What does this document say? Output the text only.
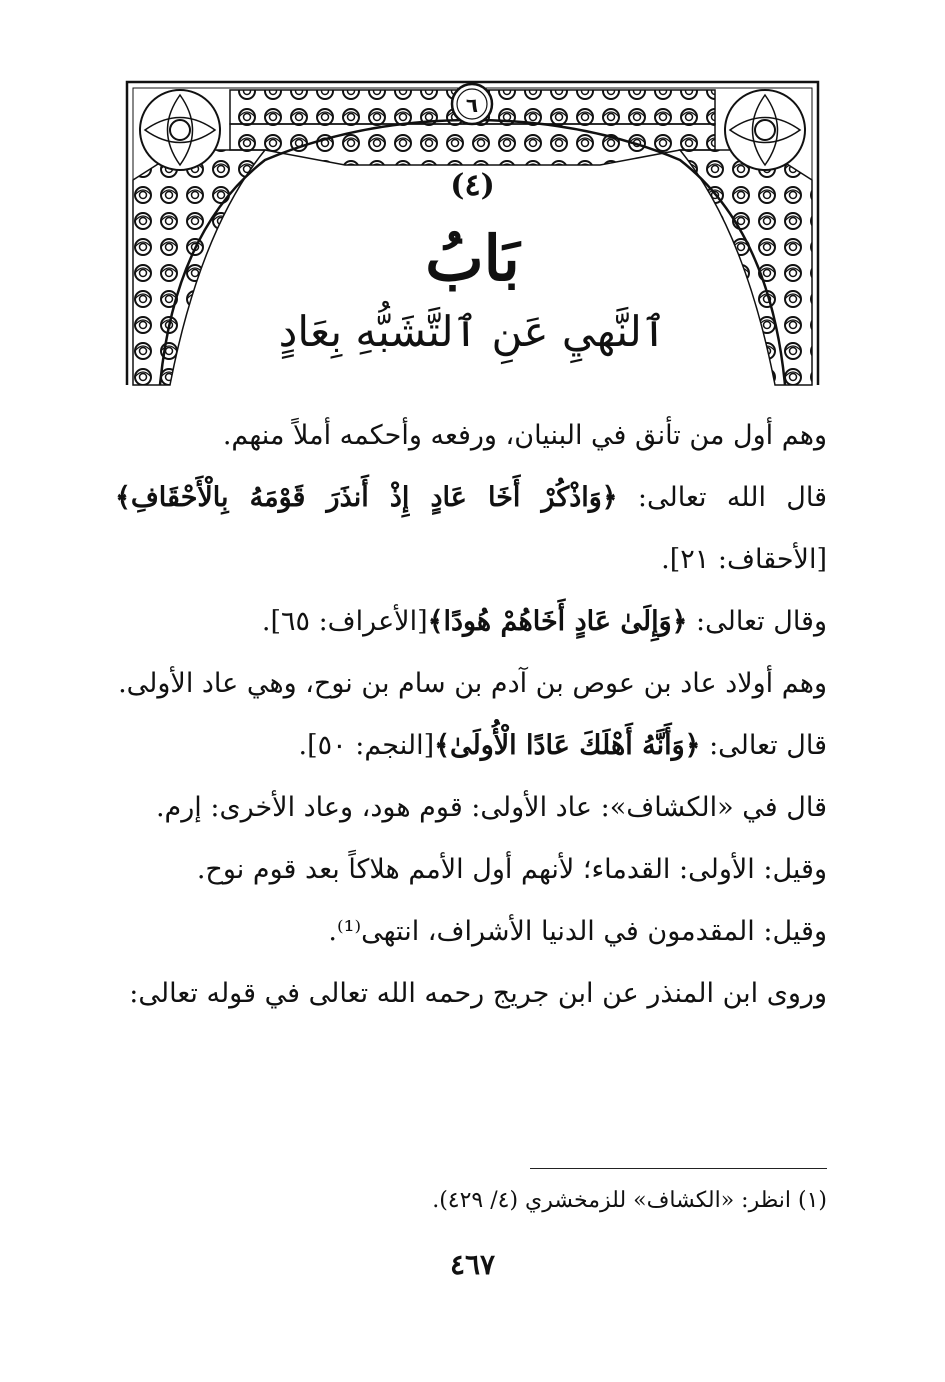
٦
(٤)
بَابُ
ٱلنَّهيِ عَنِ ٱلتَّشَبُّهِ بِعَادٍ

وهم أول من تأنق في البنيان، ورفعه وأحكمه أملاً منهم.

قال الله تعالى: ﴿وَاذْكُرْ أَخَا عَادٍ إِذْ أَنذَرَ قَوْمَهُ بِالْأَحْقَافِ﴾[الأحقاف: ٢١].

وقال تعالى: ﴿وَإِلَىٰ عَادٍ أَخَاهُمْ هُودًا﴾[الأعراف: ٦٥].

وهم أولاد عاد بن عوص بن آدم بن سام بن نوح، وهي عاد الأولى.

قال تعالى: ﴿وَأَنَّهُ أَهْلَكَ عَادًا الْأُولَىٰ﴾[النجم: ٥٠].

قال في «الكشاف»: عاد الأولى: قوم هود، وعاد الأخرى: إرم.

وقيل: الأولى: القدماء؛ لأنهم أول الأمم هلاكاً بعد قوم نوح.

وقيل: المقدمون في الدنيا الأشراف، انتهى⁽¹⁾.

وروى ابن المنذر عن ابن جريج رحمه الله تعالى في قوله تعالى:

(١) انظر: «الكشاف» للزمخشري (٤/ ٤٢٩).
٤٦٧
